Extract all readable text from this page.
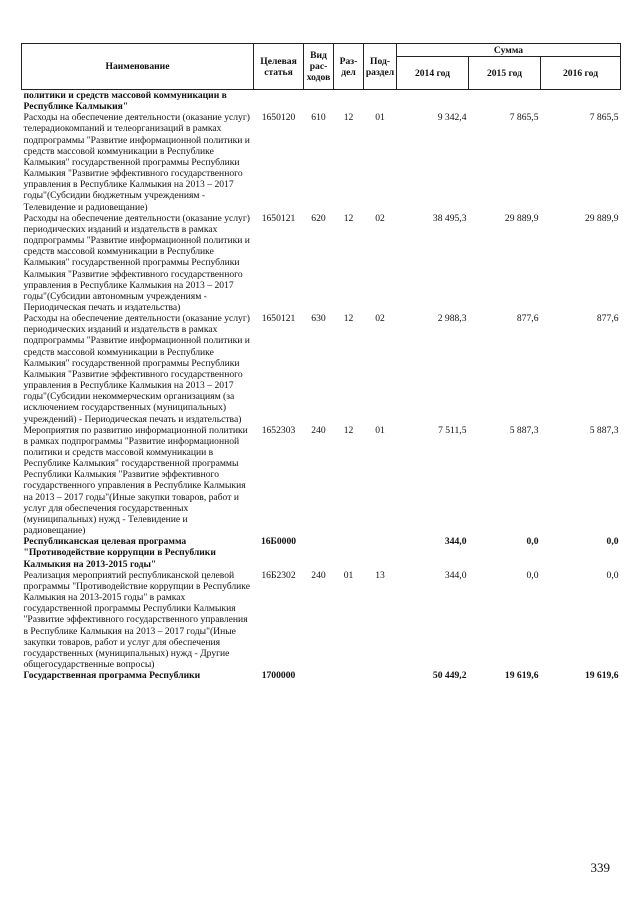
Наименование	Целевая статья	Вид рас-ходов	Раз-дел	Под-раздел	Сумма		
					2014 год	2015 год	2016 год
политики и средств массовой коммуникации в Республике Калмыкия"							
Расходы на обеспечение деятельности (оказание услуг) телерадиокомпаний и телеорганизаций в рамках подпрограммы "Развитие информационной политики и средств массовой коммуникации в Республике Калмыкия" государственной программы Республики Калмыкия "Развитие эффективного государственного управления в Республике Калмыкия на 2013 – 2017 годы"(Субсидии бюджетным учреждениям - Телевидение и радиовещание)	1650120	610	12	01	9 342,4	7 865,5	7 865,5
Расходы на обеспечение деятельности (оказание услуг) периодических изданий и издательств в рамках подпрограммы "Развитие информационной политики и средств массовой коммуникации в Республике Калмыкия" государственной программы Республики Калмыкия "Развитие эффективного государственного управления в Республике Калмыкия на 2013 – 2017 годы"(Субсидии автономным учреждениям - Периодическая печать и издательства)	1650121	620	12	02	38 495,3	29 889,9	29 889,9
Расходы на обеспечение деятельности (оказание услуг) периодических изданий и издательств в рамках подпрограммы "Развитие информационной политики и средств массовой коммуникации в Республике Калмыкия" государственной программы Республики Калмыкия "Развитие эффективного государственного управления в Республике Калмыкия на 2013 – 2017 годы"(Субсидии некоммерческим организациям (за исключением государственных (муниципальных) учреждений) - Периодическая печать и издательства)	1650121	630	12	02	2 988,3	877,6	877,6
Мероприятия по развитию информационной политики в рамках подпрограммы "Развитие информационной политики и средств массовой коммуникации в Республике Калмыкия" государственной программы Республики Калмыкия "Развитие эффективного государственного управления в Республике Калмыкия на 2013 – 2017 годы"(Иные закупки товаров, работ и услуг для обеспечения государственных (муниципальных) нужд - Телевидение и радиовещание)	1652303	240	12	01	7 511,5	5 887,3	5 887,3
Республиканская целевая программа "Противодействие коррупции в Республики Калмыкия на 2013-2015 годы"	16Б0000				344,0	0,0	0,0
Реализация мероприятий республиканской целевой программы "Противодействие коррупции в Республике Калмыкия на 2013-2015 годы" в рамках государственной программы Республики Калмыкия "Развитие эффективного государственного управления в Республике Калмыкия на 2013 – 2017 годы"(Иные закупки товаров, работ и услуг для обеспечения государственных (муниципальных) нужд - Другие общегосударственные вопросы)	16Б2302	240	01	13	344,0	0,0	0,0
Государственная программа Республики	1700000				50 449,2	19 619,6	19 619,6
339
